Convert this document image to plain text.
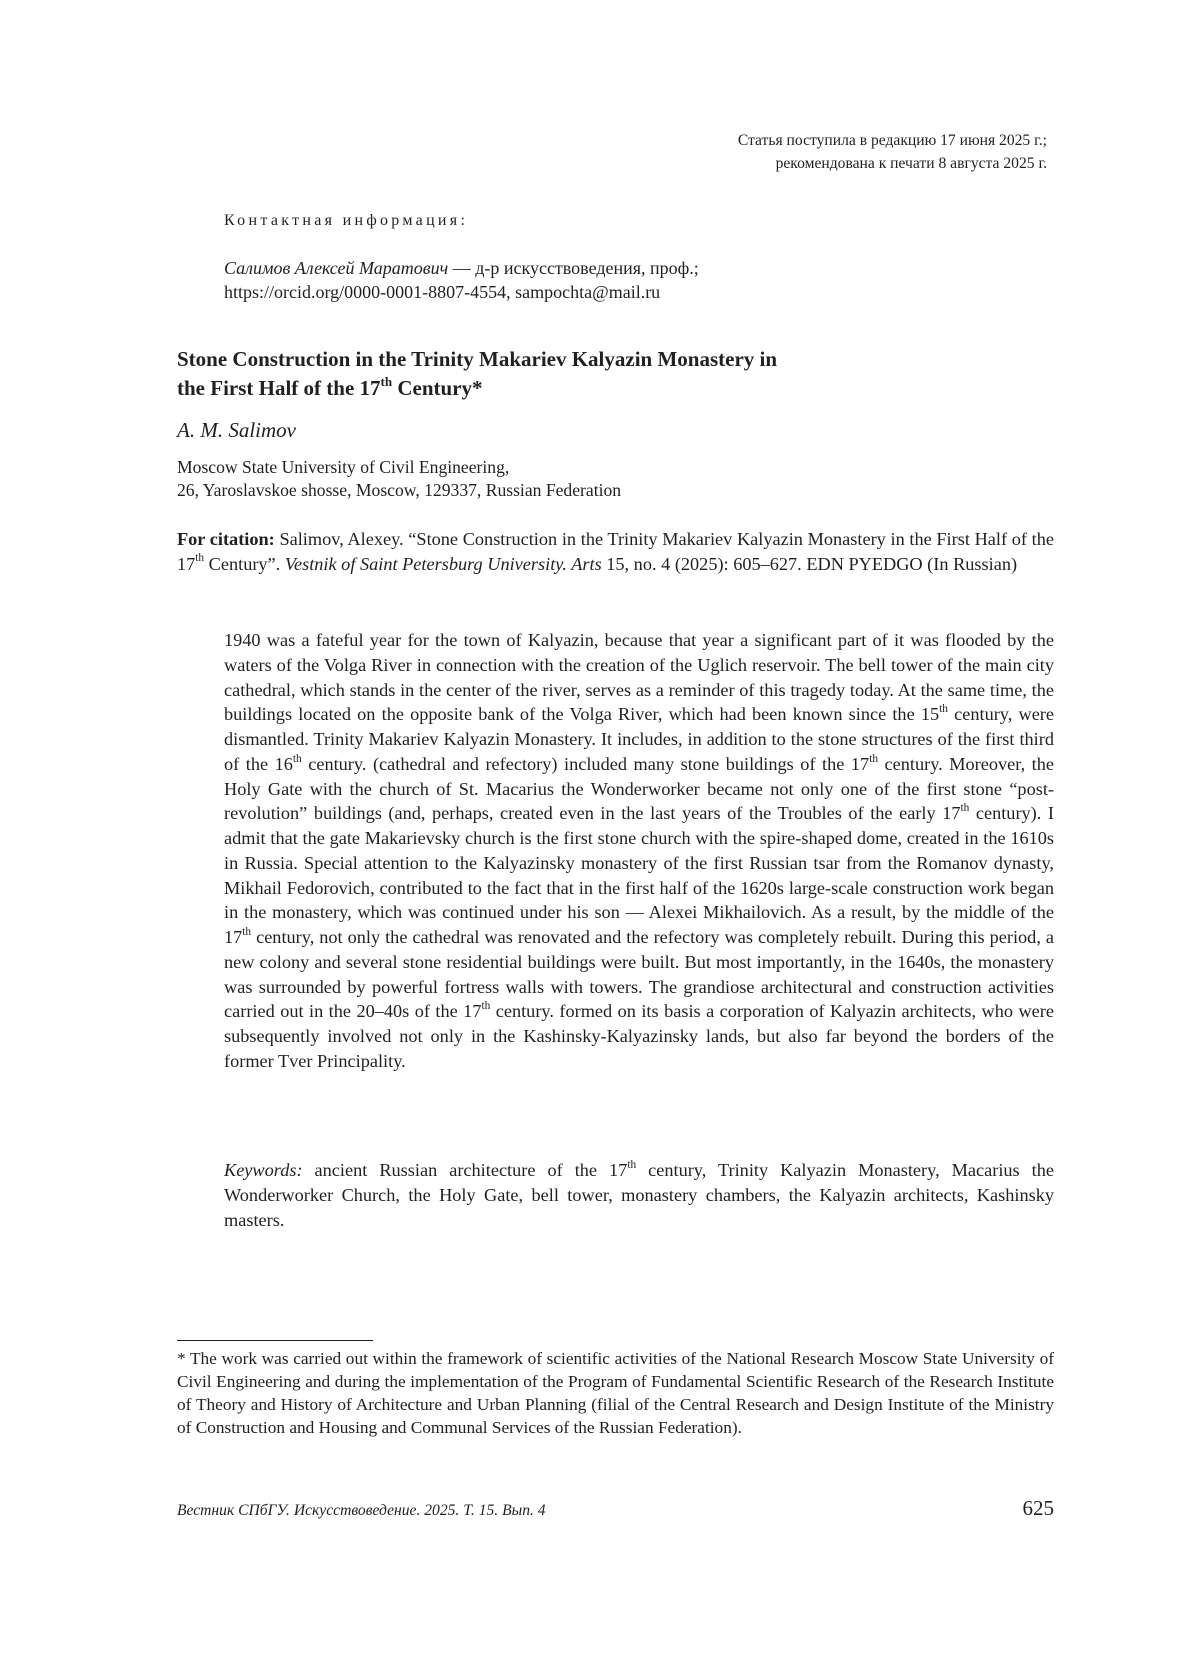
Статья поступила в редакцию 17 июня 2025 г.;
рекомендована к печати 8 августа 2025 г.
Контактная информация:
Салимов Алексей Маратович — д-р искусствоведения, проф.;
https://orcid.org/0000-0001-8807-4554, sampochta@mail.ru
Stone Construction in the Trinity Makariev Kalyazin Monastery in
the First Half of the 17th Century*
A. M. Salimov
Moscow State University of Civil Engineering,
26, Yaroslavskoe shosse, Moscow, 129337, Russian Federation
For citation: Salimov, Alexey. “Stone Construction in the Trinity Makariev Kalyazin Monastery in the First Half of the 17th Century”. Vestnik of Saint Petersburg University. Arts 15, no. 4 (2025): 605–627. EDN PYEDGO (In Russian)
1940 was a fateful year for the town of Kalyazin, because that year a significant part of it was flooded by the waters of the Volga River in connection with the creation of the Uglich reservoir. The bell tower of the main city cathedral, which stands in the center of the river, serves as a reminder of this tragedy today. At the same time, the buildings located on the opposite bank of the Volga River, which had been known since the 15th century, were dismantled. Trinity Makariev Kalyazin Monastery. It includes, in addition to the stone structures of the first third of the 16th century. (cathedral and refectory) included many stone buildings of the 17th century. Moreover, the Holy Gate with the church of St. Macarius the Wonderworker became not only one of the first stone “post-revolution” buildings (and, perhaps, created even in the last years of the Troubles of the early 17th century). I admit that the gate Makarievsky church is the first stone church with the spire-shaped dome, created in the 1610s in Russia. Special attention to the Kalyazinsky monastery of the first Russian tsar from the Romanov dynasty, Mikhail Fedorovich, contributed to the fact that in the first half of the 1620s large-scale construction work began in the monastery, which was continued under his son — Alexei Mikhailovich. As a result, by the middle of the 17th century, not only the cathedral was renovated and the refectory was completely rebuilt. During this period, a new colony and several stone residential buildings were built. But most importantly, in the 1640s, the monastery was surrounded by powerful fortress walls with towers. The grandiose architectural and construction activities carried out in the 20–40s of the 17th century. formed on its basis a corporation of Kalyazin architects, who were subsequently involved not only in the Kashinsky-Kalyazinsky lands, but also far beyond the borders of the former Tver Principality.
Keywords: ancient Russian architecture of the 17th century, Trinity Kalyazin Monastery, Macarius the Wonderworker Church, the Holy Gate, bell tower, monastery chambers, the Kalyazin architects, Kashinsky masters.
* The work was carried out within the framework of scientific activities of the National Research Moscow State University of Civil Engineering and during the implementation of the Program of Fundamental Scientific Research of the Research Institute of Theory and History of Architecture and Urban Planning (filial of the Central Research and Design Institute of the Ministry of Construction and Housing and Communal Services of the Russian Federation).
Вестник СПбГУ. Искусствоведение. 2025. Т. 15. Вып. 4	625
